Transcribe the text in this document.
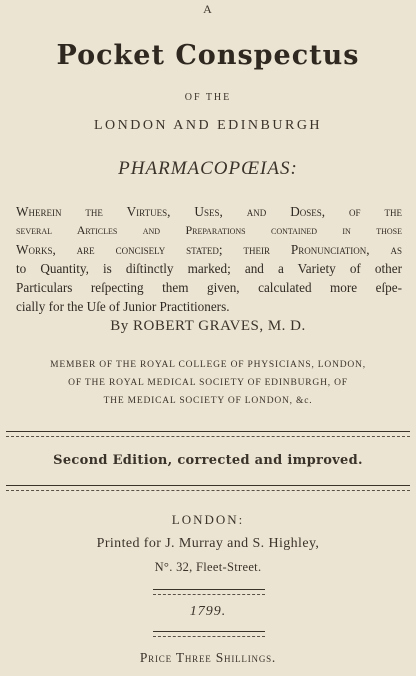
A
Pocket Conspectus
OF THE
LONDON AND EDINBURGH
PHARMACOPŒIAS:
Wherein the Virtues, Uses, and Doses, of the
ſeveral Articles and Preparations contained in thoſe
Works, are conciſely ſtated; their Pronunciation, as
to Quantity, is diſtinctly marked; and a Variety of other
Particulars reſpecting them given, calculated more eſpe-
cially for the Uſe of Junior Practitioners.
By ROBERT GRAVES, M. D.
MEMBER OF THE ROYAL COLLEGE OF PHYSICIANS, LONDON,
OF THE ROYAL MEDICAL SOCIETY OF EDINBURGH, OF
THE MEDICAL SOCIETY OF LONDON, &c.
Second Edition, corrected and improved.
LONDON:
Printed for J. Murray and S. Highley,
N°. 32, Fleet-Street.
1799.
Price Three Shillings.
